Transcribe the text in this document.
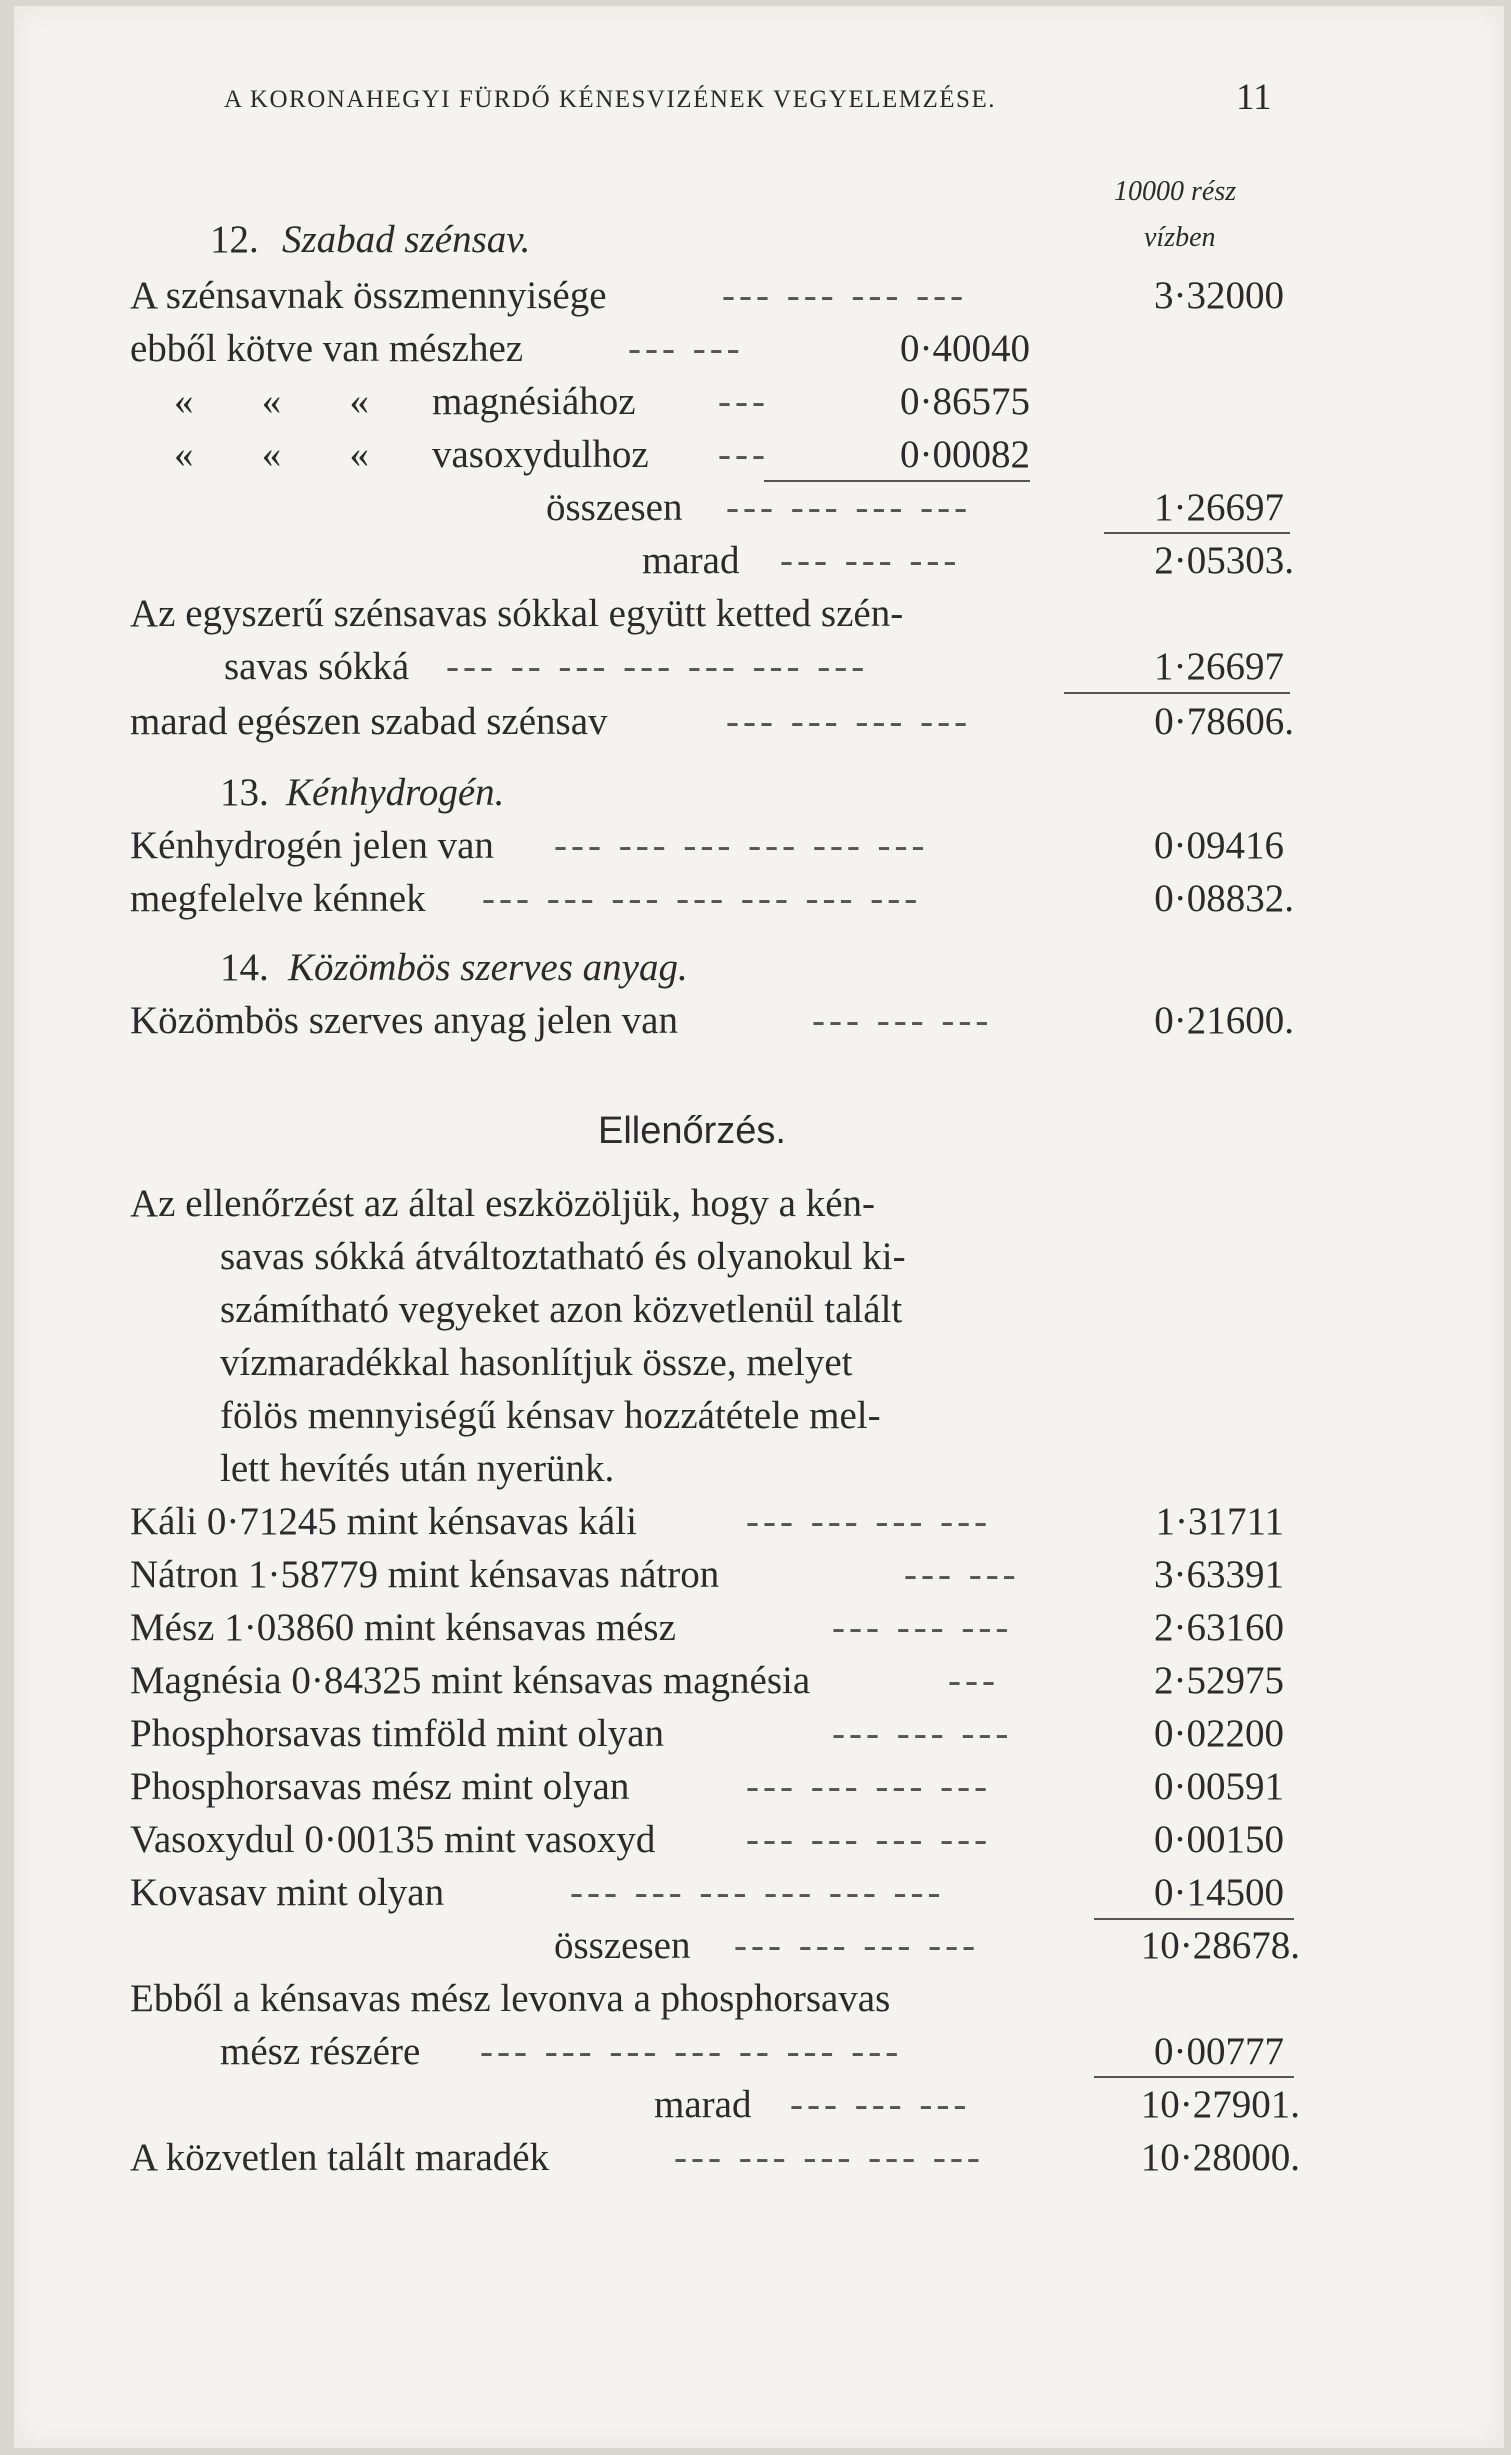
A KORONAHEGYI FÜRDŐ KÉNESVIZÉNEK VEGYELEMZÉSE.	11
10000 rész
vízben
12. Szabad szénsav.
A szénsavnak összmennyisége	--- --- --- ---	3·32000
ebből kötve van mészhez	--- ---	0·40040
«       «       « magnésiához ---	0·86575
«       «       « vasoxydulhoz ---	0·00082
összesen --- --- --- ---	1·26697
marad --- --- ---	2·05303.
Az egyszerű szénsavas sókkal együtt ketted szén-
savas sókká --- -- --- --- --- --- ---	1·26697
marad egészen szabad szénsav	--- --- --- ---	0·78606.
13. Kénhydrogén.
Kénhydrogén jelen van --- --- --- --- --- ---	0·09416
megfelelve kénnek --- --- --- --- --- --- ---	0·08832.
14. Közömbös szerves anyag.
Közömbös szerves anyag jelen van	--- --- ---	0·21600.
Ellenőrzés.
Az ellenőrzést az által eszközöljük, hogy a kén-
savas sókká átváltoztatható és olyanokul ki-
számítható vegyeket azon közvetlenül talált
vízmaradékkal hasonlítjuk össze, melyet
fölös mennyiségű kénsav hozzátétele mel-
lett hevítés után nyerünk.
Káli 0·71245 mint kénsavas káli	--- --- --- ---	1·31711
Nátron 1·58779 mint kénsavas nátron	--- ---	3·63391
Mész 1·03860 mint kénsavas mész	--- --- ---	2·63160
Magnésia 0·84325 mint kénsavas magnésia	---	2·52975
Phosphorsavas timföld mint olyan	--- --- ---	0·02200
Phosphorsavas mész mint olyan	--- --- --- ---	0·00591
Vasoxydul 0·00135 mint vasoxyd --- --- --- ---	0·00150
Kovasav mint olyan	--- --- --- --- --- ---	0·14500
összesen --- --- --- ---	10·28678.
Ebből a kénsavas mész levonva a phosphorsavas
mész részére --- --- --- --- -- --- ---	0·00777
marad --- --- ---	10·27901.
A közvetlen talált maradék	--- --- --- --- ---	10·28000.
